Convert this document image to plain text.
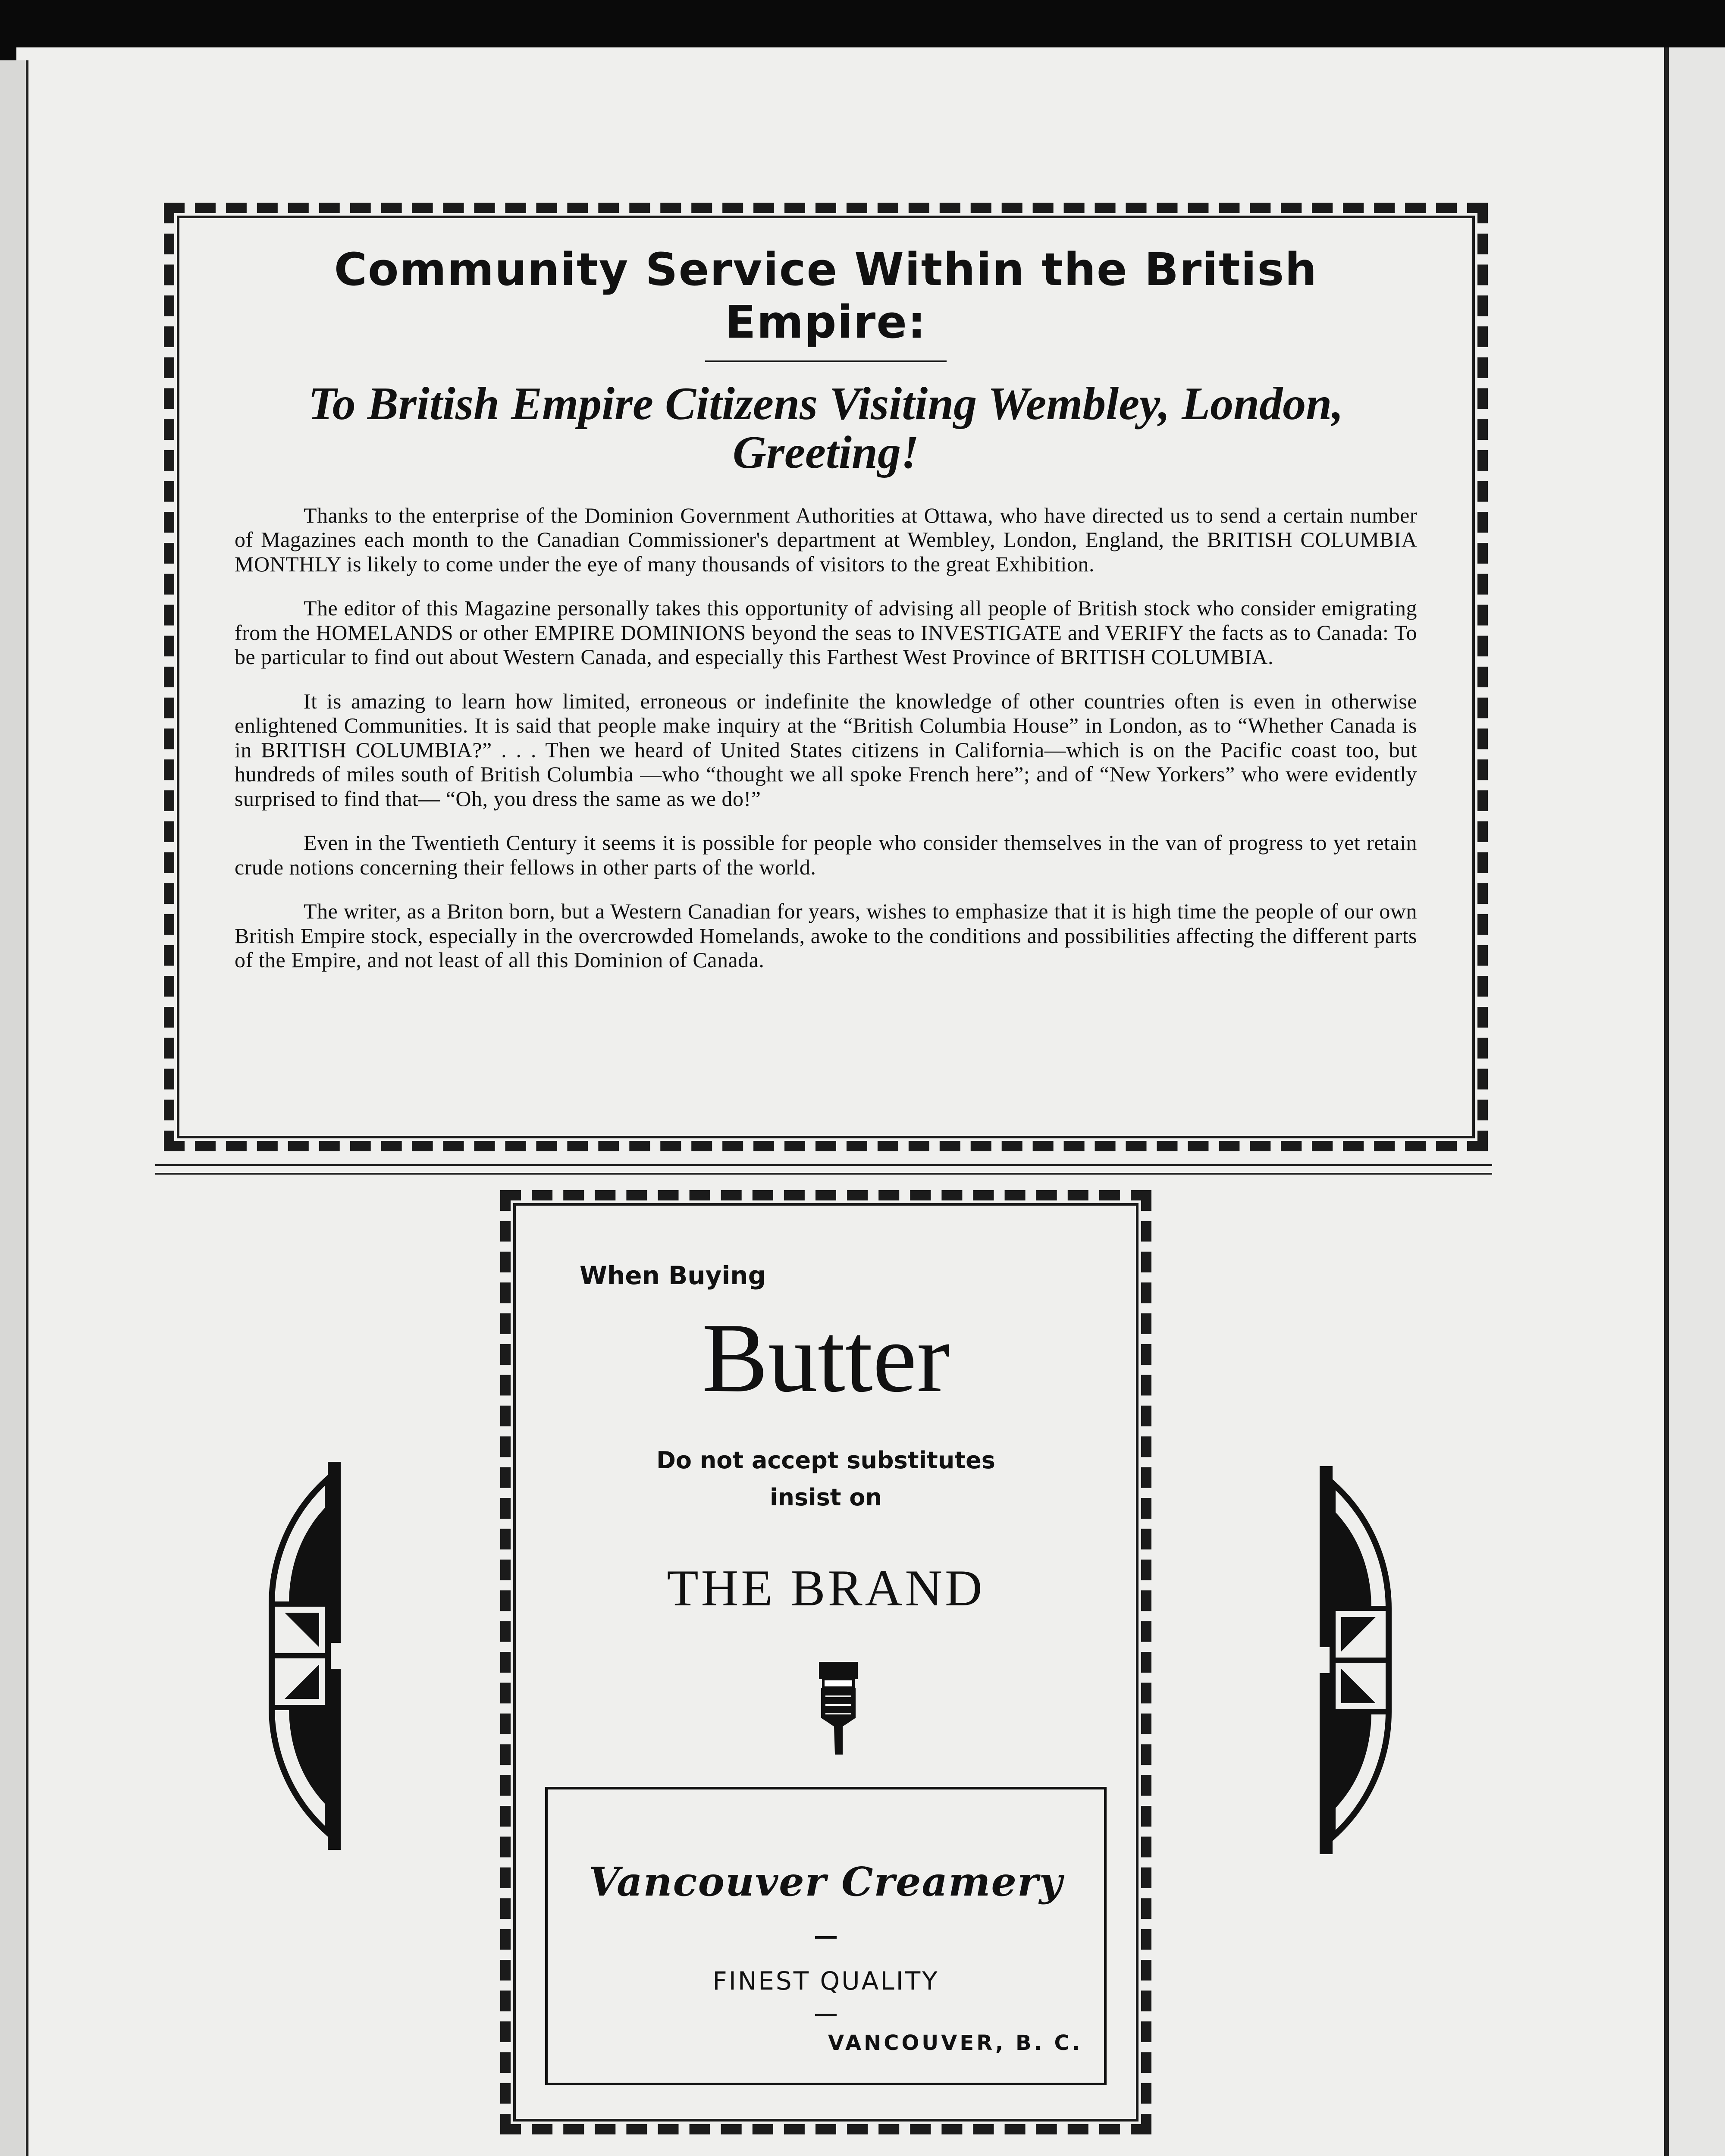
Community Service Within the British Empire:
To British Empire Citizens Visiting Wembley, London, Greeting!

Thanks to the enterprise of the Dominion Government Authorities at Ottawa, who have directed us to send a certain number of Magazines each month to the Canadian Commissioner's department at Wembley, London, England, the BRITISH COLUMBIA MONTHLY is likely to come under the eye of many thousands of visitors to the great Exhibition.

The editor of this Magazine personally takes this opportunity of advising all people of British stock who consider emigrating from the HOMELANDS or other EMPIRE DOMINIONS beyond the seas to INVESTIGATE and VERIFY the facts as to Canada: To be particular to find out about Western Canada, and especially this Farthest West Province of BRITISH COLUMBIA.

It is amazing to learn how limited, erroneous or indefinite the knowledge of other countries often is even in otherwise enlightened Communities. It is said that people make inquiry at the “British Columbia House” in London, as to “Whether Canada is in BRITISH COLUMBIA?” . . . Then we heard of United States citizens in California—which is on the Pacific coast too, but hundreds of miles south of British Columbia —who “thought we all spoke French here”; and of “New Yorkers” who were evidently surprised to find that— “Oh, you dress the same as we do!”

Even in the Twentieth Century it seems it is possible for people who consider themselves in the van of progress to yet retain crude notions concerning their fellows in other parts of the world.

The writer, as a Briton born, but a Western Canadian for years, wishes to emphasize that it is high time the people of our own British Empire stock, especially in the overcrowded Homelands, awoke to the conditions and possibilities affecting the different parts of the Empire, and not least of all this Dominion of Canada.

When Buying
Butter
Do not accept substitutes
insist on
THE BRAND
Vancouver Creamery
FINEST QUALITY
VANCOUVER, B. C.
